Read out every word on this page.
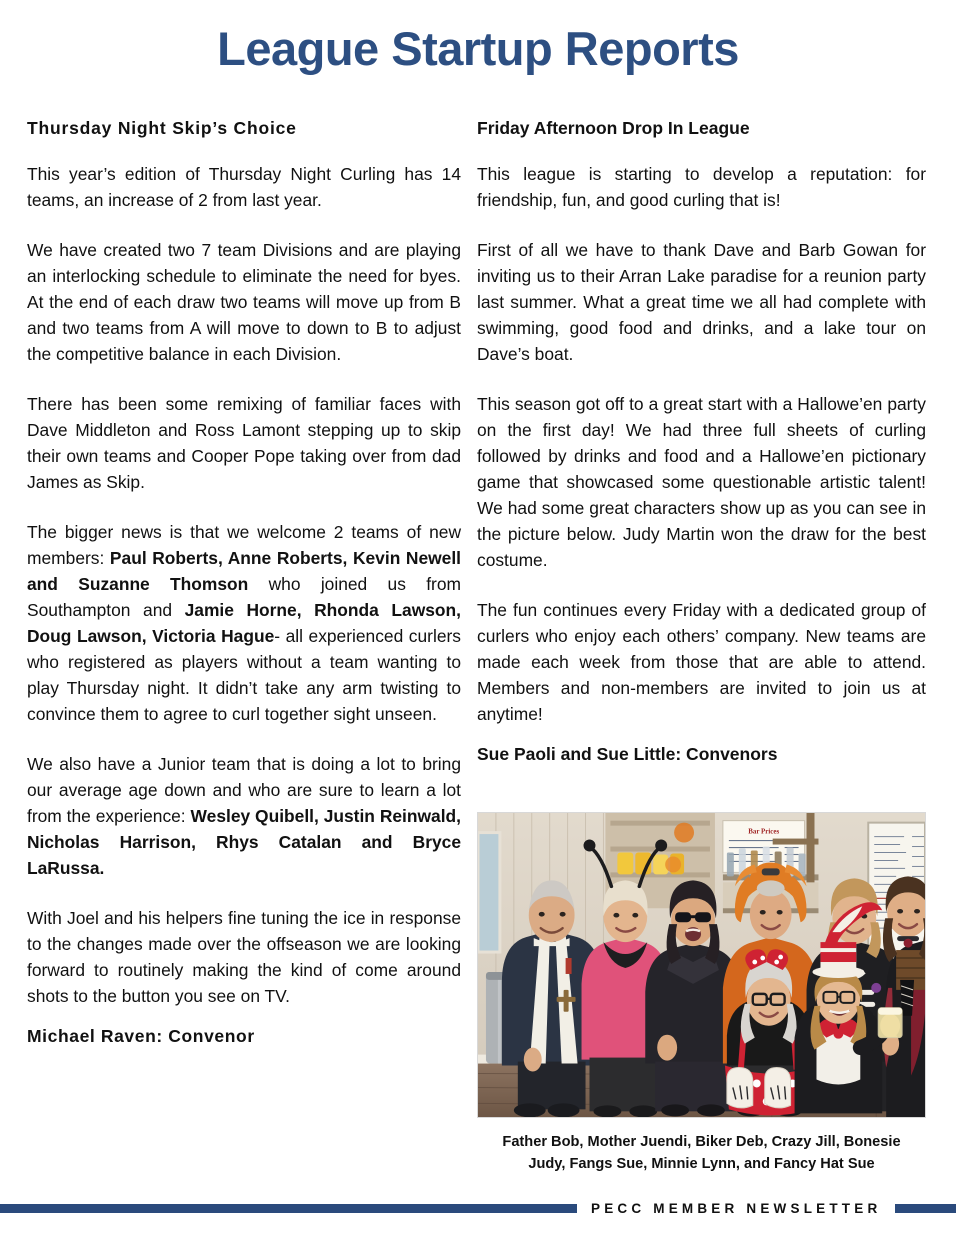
League Startup Reports
Thursday Night Skip’s Choice

This year’s edition of Thursday Night Curling has 14 teams, an increase of 2 from last year.

We have created two 7 team Divisions and are playing an interlocking schedule to eliminate the need for byes. At the end of each draw two teams will move up from B and two teams from A will move to down to B to adjust the competitive balance in each Division.

There has been some remixing of familiar faces with Dave Middleton and Ross Lamont stepping up to skip their own teams and Cooper Pope taking over from dad James as Skip.

The bigger news is that we welcome 2 teams of new members: Paul Roberts, Anne Roberts, Kevin Newell and Suzanne Thomson who joined us from Southampton and Jamie Horne, Rhonda Lawson, Doug Lawson, Victoria Hague- all experienced curlers who registered as players without a team wanting to play Thursday night. It didn’t take any arm twisting to convince them to agree to curl together sight unseen.

We also have a Junior team that is doing a lot to bring our average age down and who are sure to learn a lot from the experience: Wesley Quibell, Justin Reinwald, Nicholas Harrison, Rhys Catalan and Bryce LaRussa.

With Joel and his helpers fine tuning the ice in response to the changes made over the offseason we are looking forward to routinely making the kind of come around shots to the button you see on TV.

Michael Raven: Convenor

Friday Afternoon Drop In League

This league is starting to develop a reputation: for friendship, fun, and good curling that is!

First of all we have to thank Dave and Barb Gowan for inviting us to their Arran Lake paradise for a reunion party last summer. What a great time we all had complete with swimming, good food and drinks, and a lake tour on Dave’s boat.

This season got off to a great start with a Hallowe’en party on the first day! We had three full sheets of curling followed by drinks and food and a Hallowe’en pictionary game that showcased some questionable artistic talent! We had some great characters show up as you can see in the picture below. Judy Martin won the draw for the best costume.

The fun continues every Friday with a dedicated group of curlers who enjoy each others’ company. New teams are made each week from those that are able to attend. Members and non-members are invited to join us at anytime!

Sue Paoli and Sue Little: Convenors

Bar Prices
Father Bob, Mother Juendi, Biker Deb, Crazy Jill, Bonesie
Judy, Fangs Sue, Minnie Lynn, and Fancy Hat Sue
PECC MEMBER NEWSLETTER
